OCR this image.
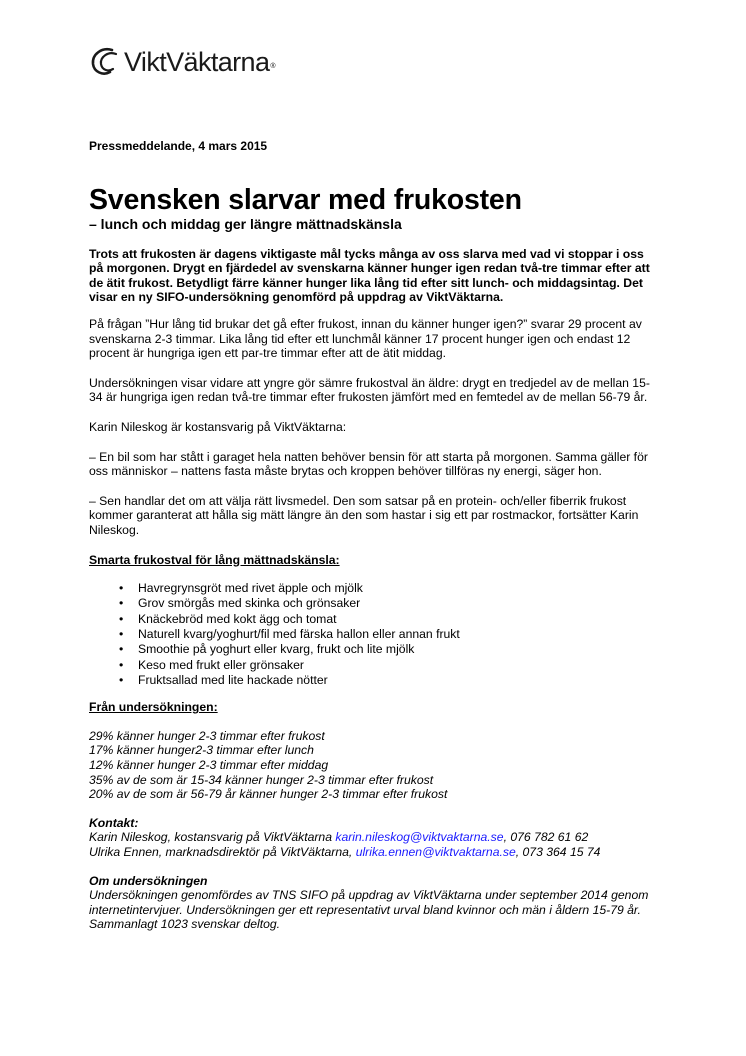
ViktVäktarna ®

Pressmeddelande, 4 mars 2015

Svensken slarvar med frukosten

– lunch och middag ger längre mättnadskänsla

Trots att frukosten är dagens viktigaste mål tycks många av oss slarva med vad vi stoppar i oss på morgonen. Drygt en fjärdedel av svenskarna känner hunger igen redan två-tre timmar efter att de ätit frukost. Betydligt färre känner hunger lika lång tid efter sitt lunch- och middagsintag. Det visar en ny SIFO-undersökning genomförd på uppdrag av ViktVäktarna.

På frågan ”Hur lång tid brukar det gå efter frukost, innan du känner hunger igen?” svarar 29 procent av svenskarna 2-3 timmar. Lika lång tid efter ett lunchmål känner 17 procent hunger igen och endast 12 procent är hungriga igen ett par-tre timmar efter att de ätit middag.

Undersökningen visar vidare att yngre gör sämre frukostval än äldre: drygt en tredjedel av de mellan 15-34 är hungriga igen redan två-tre timmar efter frukosten jämfört med en femtedel av de mellan 56-79 år.

Karin Nileskog är kostansvarig på ViktVäktarna:

– En bil som har stått i garaget hela natten behöver bensin för att starta på morgonen. Samma gäller för oss människor – nattens fasta måste brytas och kroppen behöver tillföras ny energi, säger hon.

– Sen handlar det om att välja rätt livsmedel. Den som satsar på en protein- och/eller fiberrik frukost kommer garanterat att hålla sig mätt längre än den som hastar i sig ett par rostmackor, fortsätter Karin Nileskog.

Smarta frukostval för lång mättnadskänsla:

• Havregrynsgröt med rivet äpple och mjölk
• Grov smörgås med skinka och grönsaker
• Knäckebröd med kokt ägg och tomat
• Naturell kvarg/yoghurt/fil med färska hallon eller annan frukt
• Smoothie på yoghurt eller kvarg, frukt och lite mjölk
• Keso med frukt eller grönsaker
• Fruktsallad med lite hackade nötter

Från undersökningen:

29% känner hunger 2-3 timmar efter frukost

17% känner hunger2-3 timmar efter lunch

12% känner hunger 2-3 timmar efter middag

35% av de som är 15-34 känner hunger 2-3 timmar efter frukost

20% av de som är 56-79 år känner hunger 2-3 timmar efter frukost

Kontakt:

Karin Nileskog, kostansvarig på ViktVäktarna karin.nileskog@viktvaktarna.se, 076 782 61 62

Ulrika Ennen, marknadsdirektör på ViktVäktarna, ulrika.ennen@viktvaktarna.se, 073 364 15 74

Om undersökningen

Undersökningen genomfördes av TNS SIFO på uppdrag av ViktVäktarna under september 2014 genom internetintervjuer. Undersökningen ger ett representativt urval bland kvinnor och män i åldern 15-79 år. Sammanlagt 1023 svenskar deltog.
